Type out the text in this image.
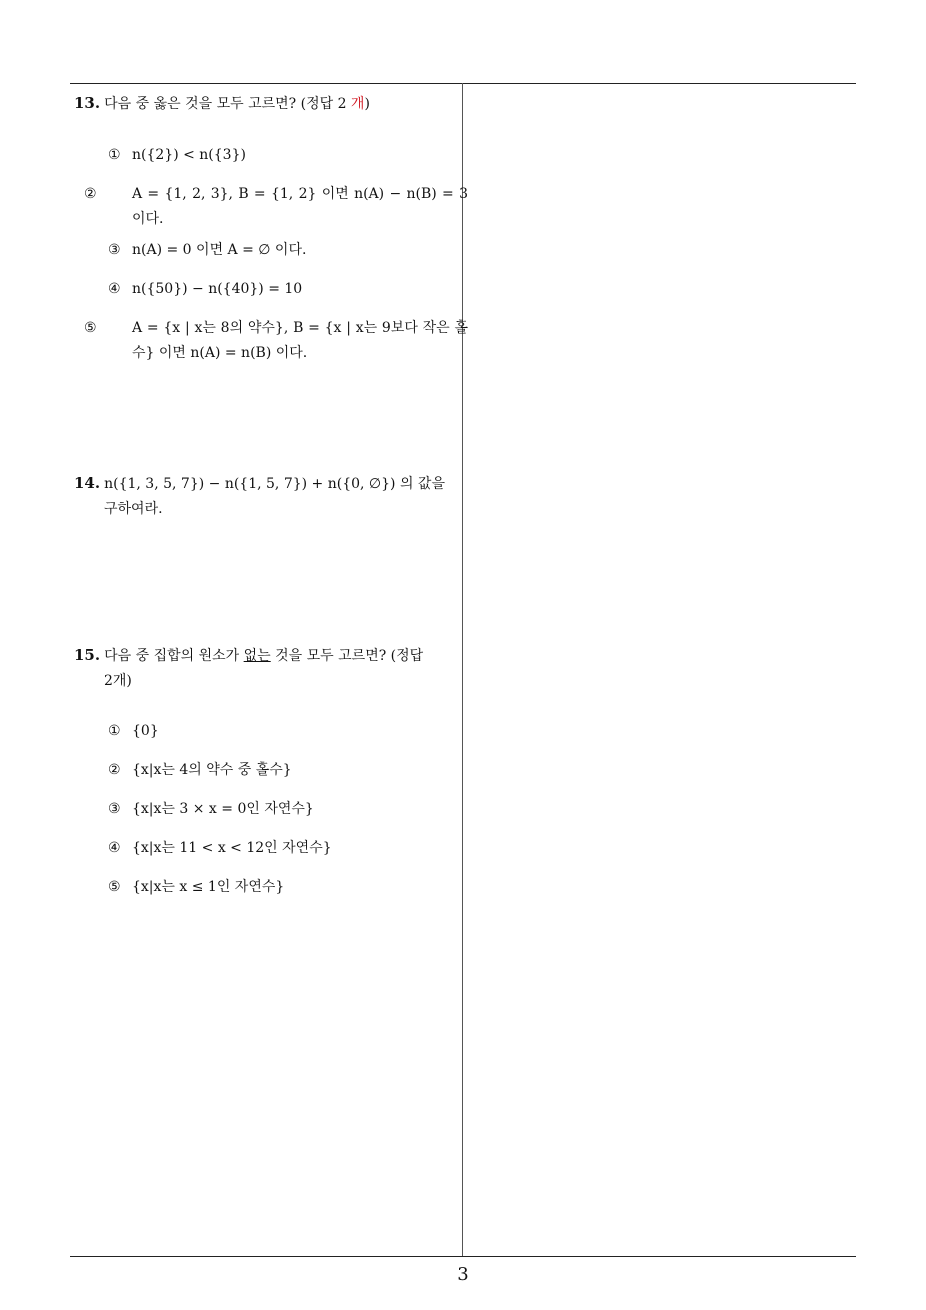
13. 다음 중 옳은 것을 모두 고르면? (정답 2 개)
① n({2}) < n({3})
②	A = {1, 2, 3}, B = {1, 2} 이면 n(A) − n(B) = 3 이다.
③ n(A) = 0 이면 A = ∅ 이다.
④ n({50}) − n({40}) = 10
⑤	A = {x | x는 8의 약수}, B = {x | x는 9보다 작은 홀수} 이면 n(A) = n(B) 이다.
14. n({1, 3, 5, 7}) − n({1, 5, 7}) + n({0, ∅}) 의 값을
구하여라.
15. 다음 중 집합의 원소가 없는 것을 모두 고르면? (정답
2개)
① {0}
② {x|x는 4의 약수 중 홀수}
③ {x|x는 3 × x = 0인 자연수}
④ {x|x는 11 < x < 12인 자연수}
⑤ {x|x는 x ≤ 1인 자연수}
3
